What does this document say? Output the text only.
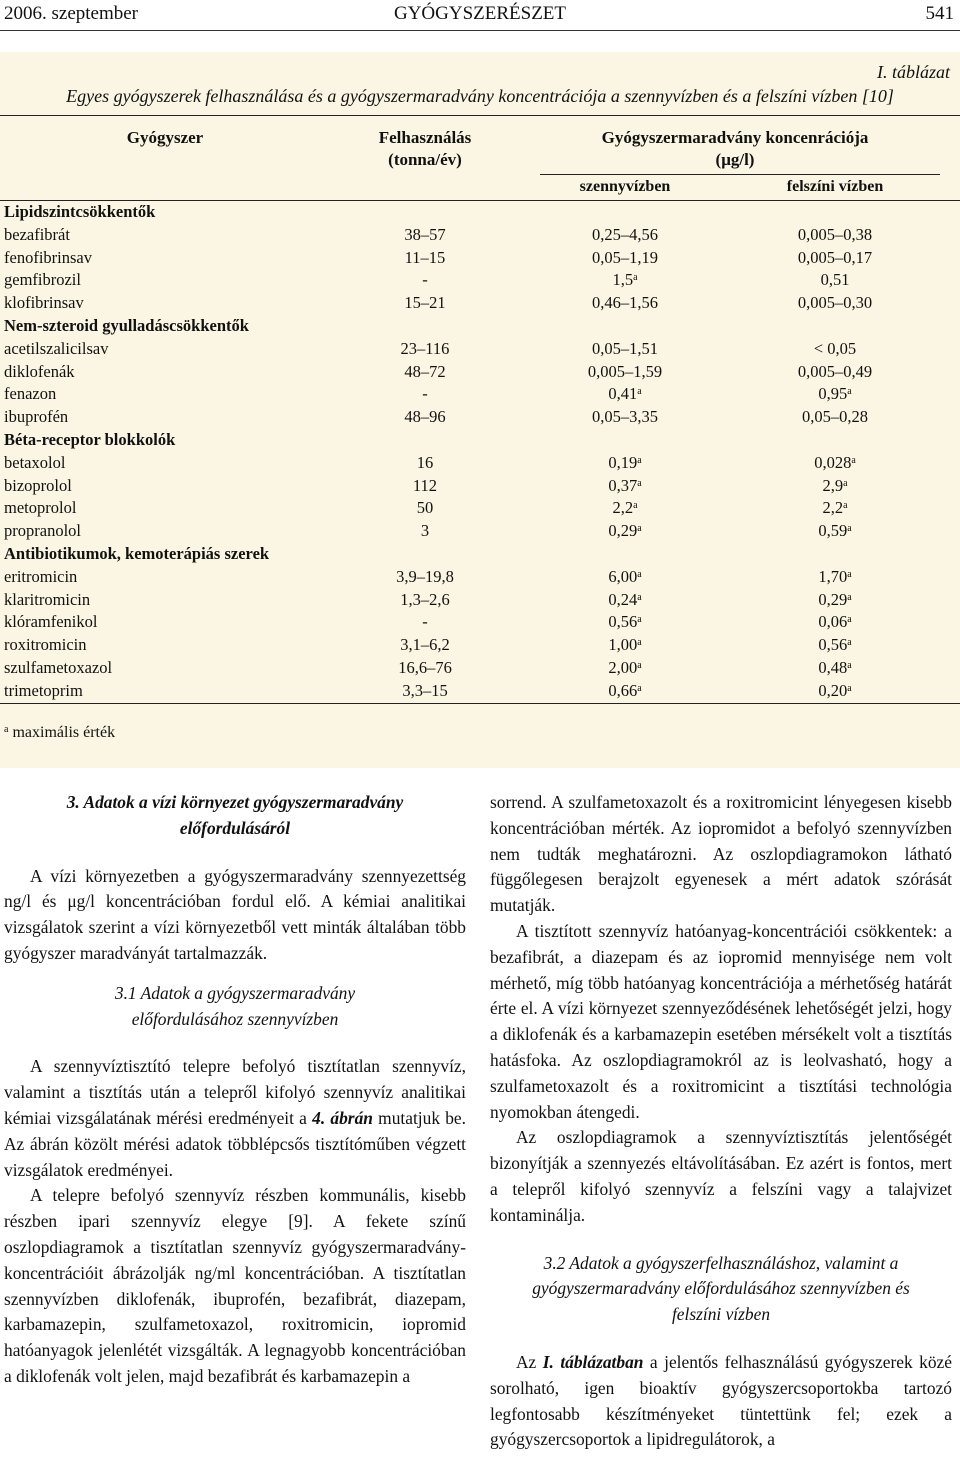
2006. szeptember	GYÓGYSZERÉSZET	541
I. táblázat
Egyes gyógyszerek felhasználása és a gyógyszermaradvány koncentrációja a szennyvízben és a felszíni vízben [10]
Gyógyszer	Felhasználás
(tonna/év)
Gyógyszermaradvány koncenrációja
(μg/l)
szennyvízben	felszíni vízben
Lipidszintcsökkentők
bezafibrát	38–57	0,25–4,56	0,005–0,38
fenofibrinsav	11–15	0,05–1,19	0,005–0,17
gemfibrozil	-	1,5$^a$	0,51
klofibrinsav	15–21	0,46–1,56	0,005–0,30
Nem-szteroid gyulladáscsökkentők
acetilszalicilsav	23–116	0,05–1,51	< 0,05
diklofenák	48–72	0,005–1,59	0,005–0,49
fenazon	-	0,41$^a$	0,95$^a$
ibuprofén	48–96	0,05–3,35	0,05–0,28
Béta-receptor blokkolók
betaxolol	16	0,19$^a$	0,028$^a$
bizoprolol	112	0,37$^a$	2,9$^a$
metoprolol	50	2,2$^a$	2,2$^a$
propranolol	3	0,29$^a$	0,59$^a$
Antibiotikumok, kemoterápiás szerek
eritromicin	3,9–19,8	6,00$^a$	1,70$^a$
klaritromicin	1,3–2,6	0,24$^a$	0,29$^a$
klóramfenikol	-	0,56$^a$	0,06$^a$
roxitromicin	3,1–6,2	1,00$^a$	0,56$^a$
szulfametoxazol	16,6–76	2,00$^a$	0,48$^a$
trimetoprim	3,3–15	0,66$^a$	0,20$^a$
$^a$ maximális érték
3. Adatok a vízi környezet gyógyszermaradvány
előfordulásáról

A vízi környezetben a gyógyszermaradvány szennyezettség ng/l és μg/l koncentrációban fordul elő. A kémiai analitikai vizsgálatok szerint a vízi környezetből vett minták általában több gyógyszer maradványát tartalmazzák.

3.1 Adatok a gyógyszermaradvány
előfordulásához szennyvízben

A szennyvíztisztító telepre befolyó tisztítatlan szennyvíz, valamint a tisztítás után a telepről kifolyó szennyvíz analitikai kémiai vizsgálatának mérési eredményeit a 4. ábrán mutatjuk be. Az ábrán közölt mérési adatok többlépcsős tisztítóműben végzett vizsgálatok eredményei.

A telepre befolyó szennyvíz részben kommunális, kisebb részben ipari szennyvíz elegye [9]. A fekete színű oszlopdiagramok a tisztítatlan szennyvíz gyógyszermaradvány-koncentrációit ábrázolják ng/ml koncentrációban. A tisztítatlan szennyvízben diklofenák, ibuprofén, bezafibrát, diazepam, karbamazepin, szulfametoxazol, roxitromicin, iopromid hatóanyagok jelenlétét vizsgálták. A legnagyobb koncentrációban a diklofenák volt jelen, majd bezafibrát és karbamazepin a

sorrend. A szulfametoxazolt és a roxitromicint lényegesen kisebb koncentrációban mérték. Az iopromidot a befolyó szennyvízben nem tudták meghatározni. Az oszlopdiagramokon látható függőlegesen berajzolt egyenesek a mért adatok szórását mutatják.

A tisztított szennyvíz hatóanyag-koncentrációi csökkentek: a bezafibrát, a diazepam és az iopromid mennyisége nem volt mérhető, míg több hatóanyag koncentrációja a mérhetőség határát érte el. A vízi környezet szennyeződésének lehetőségét jelzi, hogy a diklofenák és a karbamazepin esetében mérsékelt volt a tisztítás hatásfoka. Az oszlopdiagramokról az is leolvasható, hogy a szulfametoxazolt és a roxitromicint a tisztítási technológia nyomokban átengedi.

Az oszlopdiagramok a szennyvíztisztítás jelentőségét bizonyítják a szennyezés eltávolításában. Ez azért is fontos, mert a telepről kifolyó szennyvíz a felszíni vagy a talajvizet kontaminálja.

3.2 Adatok a gyógyszerfelhasználáshoz, valamint a
gyógyszermaradvány előfordulásához szennyvízben és
felszíni vízben

Az I. táblázatban a jelentős felhasználású gyógyszerek közé sorolható, igen bioaktív gyógyszercsoportokba tartozó legfontosabb készítményeket tüntettünk fel; ezek a gyógyszercsoportok a lipidregulátorok, a
